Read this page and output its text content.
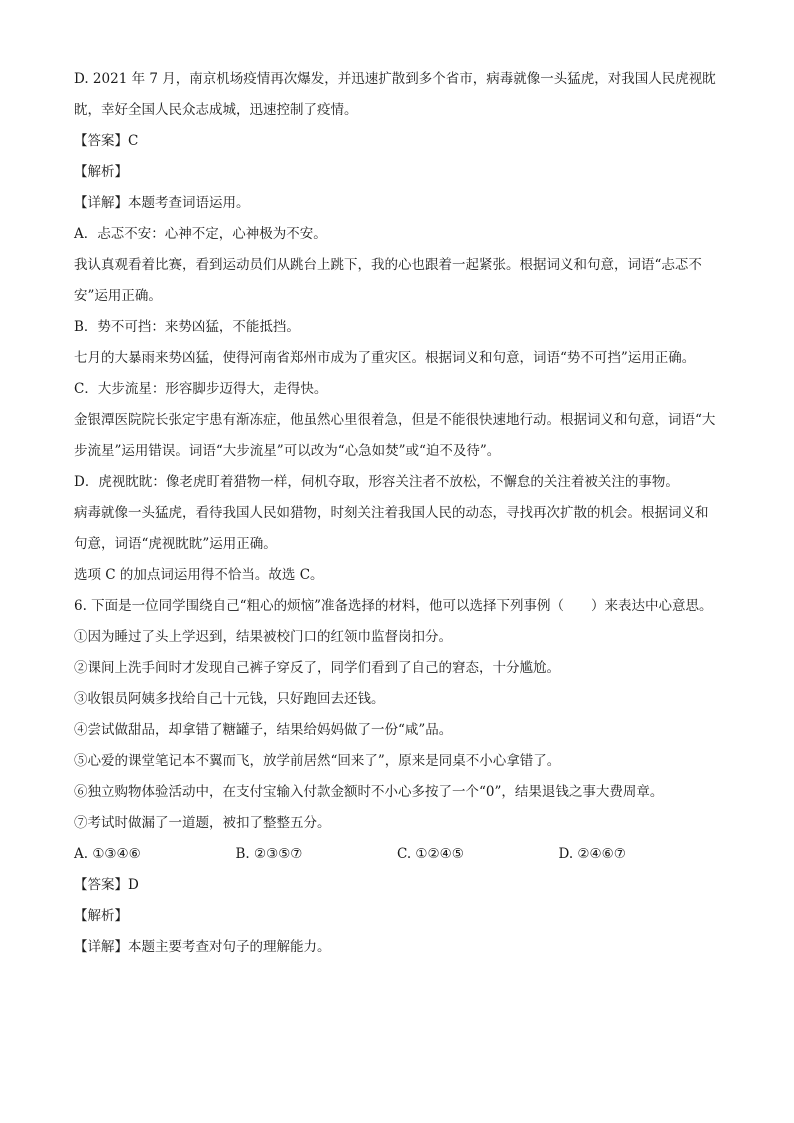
D. 2021 年 7 月，南京机场疫情再次爆发，并迅速扩散到多个省市，病毒就像一头猛虎，对我国人民虎视眈眈，幸好全国人民众志成城，迅速控制了疫情。

【答案】C

【解析】

【详解】本题考查词语运用。

A．忐忑不安：心神不定，心神极为不安。

我认真观看着比赛，看到运动员们从跳台上跳下，我的心也跟着一起紧张。根据词义和句意，词语“忐忑不安”运用正确。

B．势不可挡：来势凶猛，不能抵挡。

七月的大暴雨来势凶猛，使得河南省郑州市成为了重灾区。根据词义和句意，词语“势不可挡”运用正确。

C．大步流星：形容脚步迈得大，走得快。

金银潭医院院长张定宇患有渐冻症，他虽然心里很着急，但是不能很快速地行动。根据词义和句意，词语“大步流星”运用错误。词语“大步流星”可以改为“心急如焚”或“迫不及待”。

D．虎视眈眈：像老虎盯着猎物一样，伺机夺取，形容关注者不放松，不懈怠的关注着被关注的事物。

病毒就像一头猛虎，看待我国人民如猎物，时刻关注着我国人民的动态，寻找再次扩散的机会。根据词义和句意，词语“虎视眈眈”运用正确。

选项 C 的加点词运用得不恰当。故选 C。

6. 下面是一位同学围绕自己“粗心的烦恼”准备选择的材料，他可以选择下列事例（　　）来表达中心意思。

①因为睡过了头上学迟到，结果被校门口的红领巾监督岗扣分。

②课间上洗手间时才发现自己裤子穿反了，同学们看到了自己的窘态，十分尴尬。

③收银员阿姨多找给自己十元钱，只好跑回去还钱。

④尝试做甜品，却拿错了糖罐子，结果给妈妈做了一份“咸”品。

⑤心爱的课堂笔记本不翼而飞，放学前居然“回来了”，原来是同桌不小心拿错了。

⑥独立购物体验活动中，在支付宝输入付款金额时不小心多按了一个“0”，结果退钱之事大费周章。

⑦考试时做漏了一道题，被扣了整整五分。

A. ①③④⑥	B. ②③⑤⑦	C. ①②④⑤	D. ②④⑥⑦

【答案】D

【解析】

【详解】本题主要考查对句子的理解能力。
